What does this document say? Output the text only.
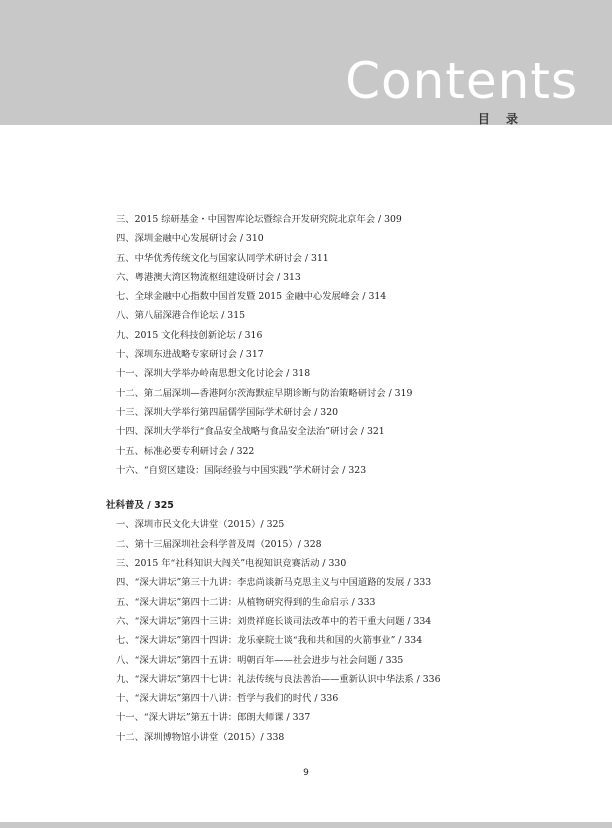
Contents
目 录
三、2015 综研基金・中国智库论坛暨综合开发研究院北京年会 / 309
四、深圳金融中心发展研讨会 / 310
五、中华优秀传统文化与国家认同学术研讨会 / 311
六、粤港澳大湾区物流枢纽建设研讨会 / 313
七、全球金融中心指数中国首发暨 2015 金融中心发展峰会 / 314
八、第八届深港合作论坛 / 315
九、2015 文化科技创新论坛 / 316
十、深圳东进战略专家研讨会 / 317
十一、深圳大学举办岭南思想文化讨论会 / 318
十二、第二届深圳—香港阿尔茨海默症早期诊断与防治策略研讨会 / 319
十三、深圳大学举行第四届儒学国际学术研讨会 / 320
十四、深圳大学举行“食品安全战略与食品安全法治”研讨会 / 321
十五、标准必要专利研讨会 / 322
十六、“自贸区建设：国际经验与中国实践”学术研讨会 / 323
社科普及 / 325
一、深圳市民文化大讲堂（2015）/ 325
二、第十三届深圳社会科学普及周（2015）/ 328
三、2015 年“社科知识大闯关”电视知识竞赛活动 / 330
四、“深大讲坛”第三十九讲：李忠尚谈新马克思主义与中国道路的发展 / 333
五、“深大讲坛”第四十二讲：从植物研究得到的生命启示 / 333
六、“深大讲坛”第四十三讲：刘贵祥庭长谈司法改革中的若干重大问题 / 334
七、“深大讲坛”第四十四讲：龙乐豪院士谈“我和共和国的火箭事业” / 334
八、“深大讲坛”第四十五讲：明朝百年——社会进步与社会问题 / 335
九、“深大讲坛”第四十七讲：礼法传统与良法善治——重新认识中华法系 / 336
十、“深大讲坛”第四十八讲：哲学与我们的时代 / 336
十一、“深大讲坛”第五十讲：郎朗大师课 / 337
十二、深圳博物馆小讲堂（2015）/ 338
9
